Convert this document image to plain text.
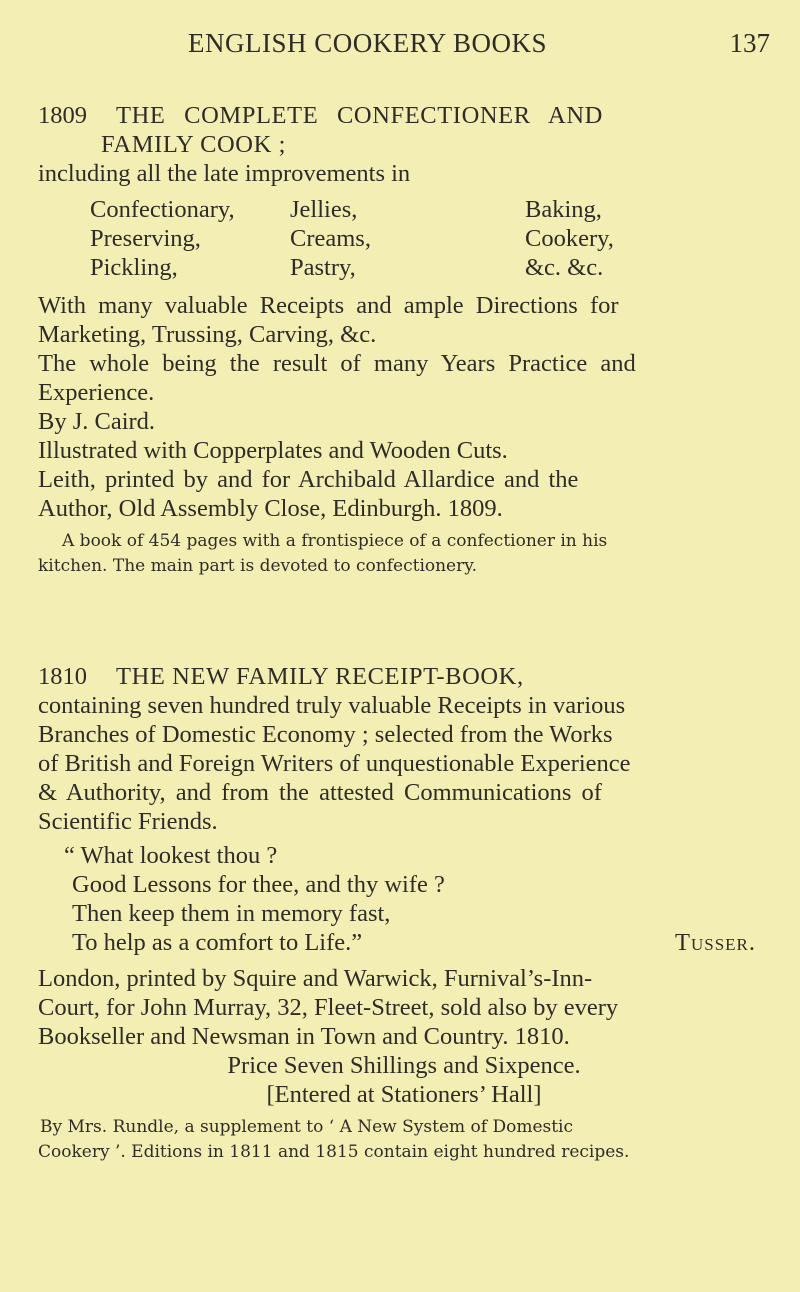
ENGLISH COOKERY BOOKS	137
1809	THE COMPLETE CONFECTIONER AND
FAMILY COOK ;
including all the late improvements in
Confectionary,	Jellies,	Baking,
Preserving,	Creams,	Cookery,
Pickling,	Pastry,	&c. &c.
With many valuable Receipts and ample Directions for
Marketing, Trussing, Carving, &c.
The whole being the result of many Years Practice and
Experience.
By J. Caird.
Illustrated with Copperplates and Wooden Cuts.
Leith, printed by and for Archibald Allardice and the
Author, Old Assembly Close, Edinburgh. 1809.
A book of 454 pages with a frontispiece of a confectioner in his
kitchen. The main part is devoted to confectionery.
1810	THE NEW FAMILY RECEIPT-BOOK,
containing seven hundred truly valuable Receipts in various
Branches of Domestic Economy ; selected from the Works
of British and Foreign Writers of unquestionable Experience
& Authority, and from the attested Communications of
Scientific Friends.
“ What lookest thou ?
Good Lessons for thee, and thy wife ?
Then keep them in memory fast,
To help as a comfort to Life.”	Tusser.
London, printed by Squire and Warwick, Furnival’s-Inn-
Court, for John Murray, 32, Fleet-Street, sold also by every
Bookseller and Newsman in Town and Country. 1810.
Price Seven Shillings and Sixpence.
[Entered at Stationers’ Hall]
By Mrs. Rundle, a supplement to ‘ A New System of Domestic
Cookery ’. Editions in 1811 and 1815 contain eight hundred recipes.
